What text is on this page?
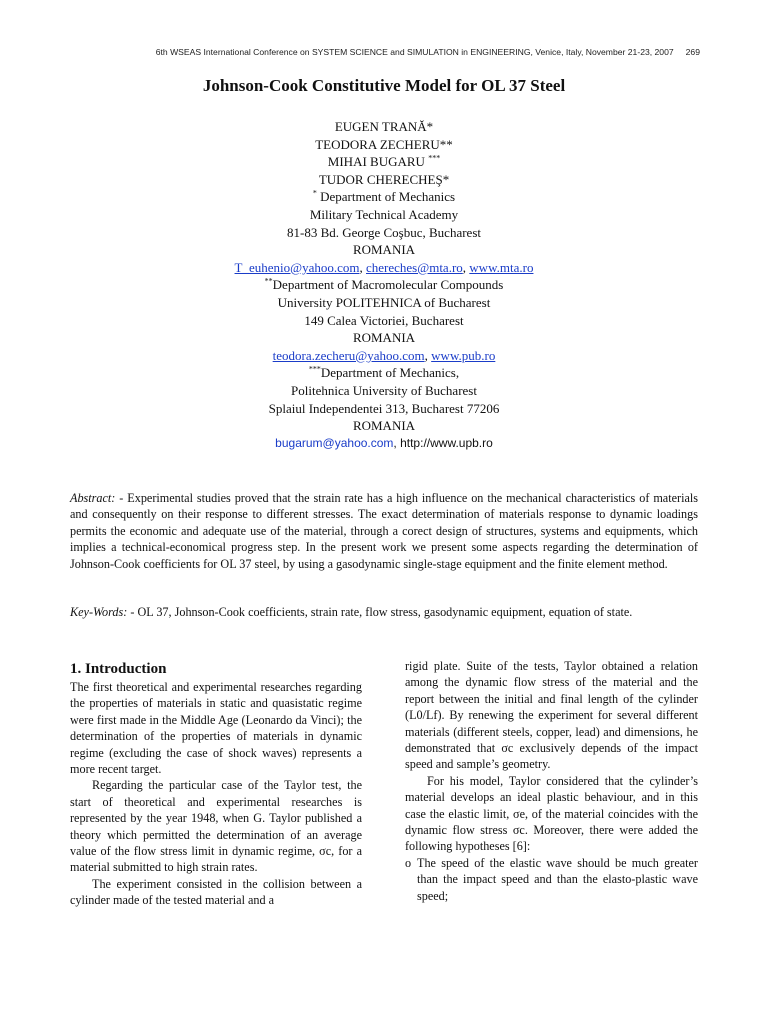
6th WSEAS International Conference on SYSTEM SCIENCE and SIMULATION in ENGINEERING, Venice, Italy, November 21-23, 2007 269
Johnson-Cook Constitutive Model for OL 37 Steel
EUGEN TRANĂ*
TEODORA ZECHERU**
MIHAI BUGARU ***
TUDOR CHERECHEŞ*
* Department of Mechanics
Military Technical Academy
81-83 Bd. George Coşbuc, Bucharest
ROMANIA
T_euhenio@yahoo.com, chereches@mta.ro, www.mta.ro
**Department of Macromolecular Compounds
University POLITEHNICA of Bucharest
149 Calea Victoriei, Bucharest
ROMANIA
teodora.zecheru@yahoo.com, www.pub.ro
***Department of Mechanics,
Politehnica University of Bucharest
Splaiul Independentei 313, Bucharest 77206
ROMANIA
bugarum@yahoo.com, http://www.upb.ro
Abstract: - Experimental studies proved that the strain rate has a high influence on the mechanical characteristics of materials and consequently on their response to different stresses. The exact determination of materials response to dynamic loadings permits the economic and adequate use of the material, through a corect design of structures, systems and equipments, which implies a technical-economical progress step. In the present work we present some aspects regarding the determination of Johnson-Cook coefficients for OL 37 steel, by using a gasodynamic single-stage equipment and the finite element method.
Key-Words: - OL 37, Johnson-Cook coefficients, strain rate, flow stress, gasodynamic equipment, equation of state.
1. Introduction

The first theoretical and experimental researches regarding the properties of materials in static and quasistatic regime were first made in the Middle Age (Leonardo da Vinci); the determination of the properties of materials in dynamic regime (excluding the case of shock waves) represents a more recent target.

Regarding the particular case of the Taylor test, the start of theoretical and experimental researches is represented by the year 1948, when G. Taylor published a theory which permitted the determination of an average value of the flow stress limit in dynamic regime, σc, for a material submitted to high strain rates.

The experiment consisted in the collision between a cylinder made of the tested material and a

rigid plate. Suite of the tests, Taylor obtained a relation among the dynamic flow stress of the material and the report between the initial and final length of the cylinder (L0/Lf). By renewing the experiment for several different materials (different steels, copper, lead) and dimensions, he demonstrated that σc exclusively depends of the impact speed and sample’s geometry.

For his model, Taylor considered that the cylinder’s material develops an ideal plastic behaviour, and in this case the elastic limit, σe, of the material coincides with the dynamic flow stress σc. Moreover, there were added the following hypotheses [6]:

o The speed of the elastic wave should be much greater than the impact speed and than the elasto-plastic wave speed;
